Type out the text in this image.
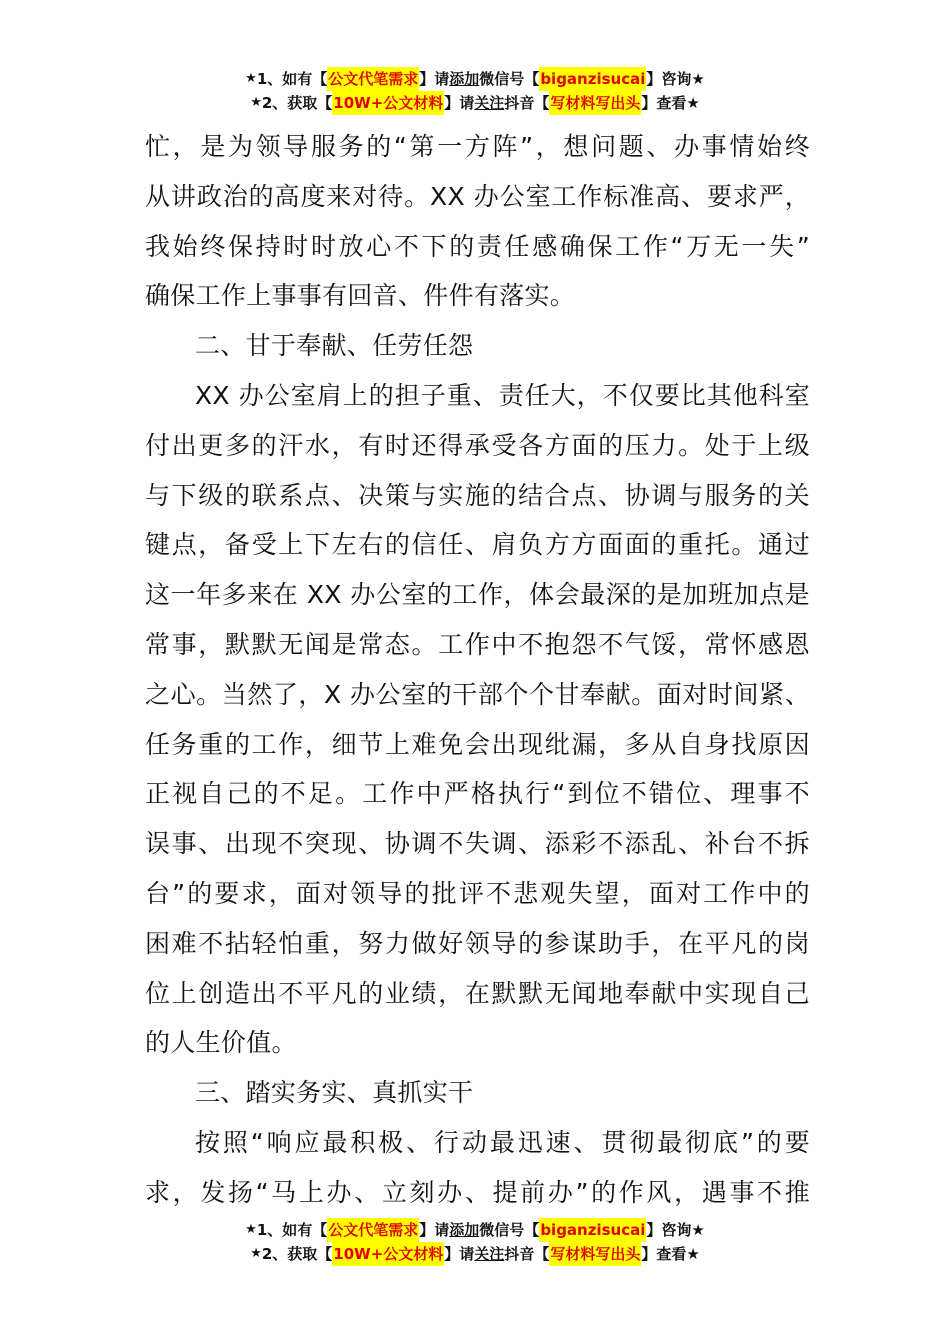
★ 1、如有【 公文代笔需求 】请 添加 微信号【 biganzisucai 】咨询★
★ 2、获取【 10W+公文材料 】请 关注 抖音【 写材料写出头 】查看★
忙，是为领导服务的“第一方阵”，想问题、办事情始终
从讲政治的高度来对待。XX 办公室工作标准高、要求严，
我始终保持时时放心不下的责任感确保工作“万无一失”
确保工作上事事有回音、件件有落实。
二、甘于奉献、任劳任怨
XX 办公室肩上的担子重、责任大，不仅要比其他科室
付出更多的汗水，有时还得承受各方面的压力。处于上级
与下级的联系点、决策与实施的结合点、协调与服务的关
键点，备受上下左右的信任、肩负方方面面的重托。通过
这一年多来在 XX 办公室的工作，体会最深的是加班加点是
常事，默默无闻是常态。工作中不抱怨不气馁，常怀感恩
之心。当然了，X 办公室的干部个个甘奉献。面对时间紧、
任务重的工作，细节上难免会出现纰漏，多从自身找原因
正视自己的不足。工作中严格执行“到位不错位、理事不
误事、出现不突现、协调不失调、添彩不添乱、补台不拆
台”的要求，面对领导的批评不悲观失望，面对工作中的
困难不拈轻怕重，努力做好领导的参谋助手，在平凡的岗
位上创造出不平凡的业绩，在默默无闻地奉献中实现自己
的人生价值。
三、踏实务实、真抓实干
按照“响应最积极、行动最迅速、贯彻最彻底”的要
求，发扬“马上办、立刻办、提前办”的作风，遇事不推
★ 1、如有【 公文代笔需求 】请 添加 微信号【 biganzisucai 】咨询★
★ 2、获取【 10W+公文材料 】请 关注 抖音【 写材料写出头 】查看★
